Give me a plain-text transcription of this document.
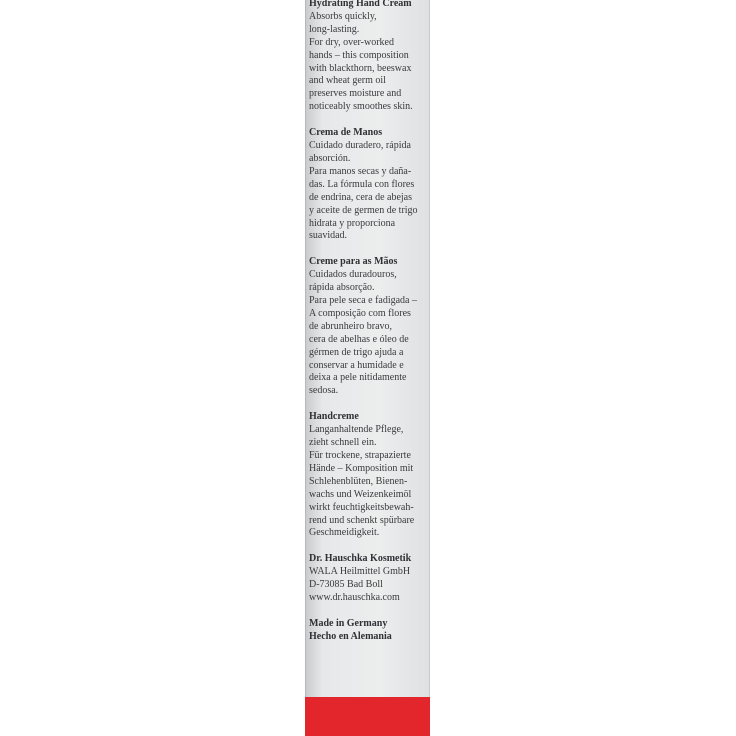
Hydrating Hand Cream
Absorbs quickly,
long-lasting.
For dry, over-worked
hands – this composition
with blackthorn, beeswax
and wheat germ oil
preserves moisture and
noticeably smoothes skin.
Crema de Manos
Cuidado duradero, rápida
absorción.
Para manos secas y daña-
das. La fórmula con flores
de endrina, cera de abejas
y aceite de germen de trigo
hidrata y proporciona
suavidad.
Creme para as Mãos
Cuidados duradouros,
rápida absorção.
Para pele seca e fadigada –
A composição com flores
de abrunheiro bravo,
cera de abelhas e óleo de
gérmen de trigo ajuda a
conservar a humidade e
deixa a pele nitidamente
sedosa.
Handcreme
Langanhaltende Pflege,
zieht schnell ein.
Für trockene, strapazierte
Hände – Komposition mit
Schlehenblüten, Bienen-
wachs und Weizenkeimöl
wirkt feuchtigkeitsbewah-
rend und schenkt spürbare
Geschmeidigkeit.
Dr. Hauschka Kosmetik
WALA Heilmittel GmbH
D-73085 Bad Boll
www.dr.hauschka.com
Made in Germany
Hecho en Alemania
